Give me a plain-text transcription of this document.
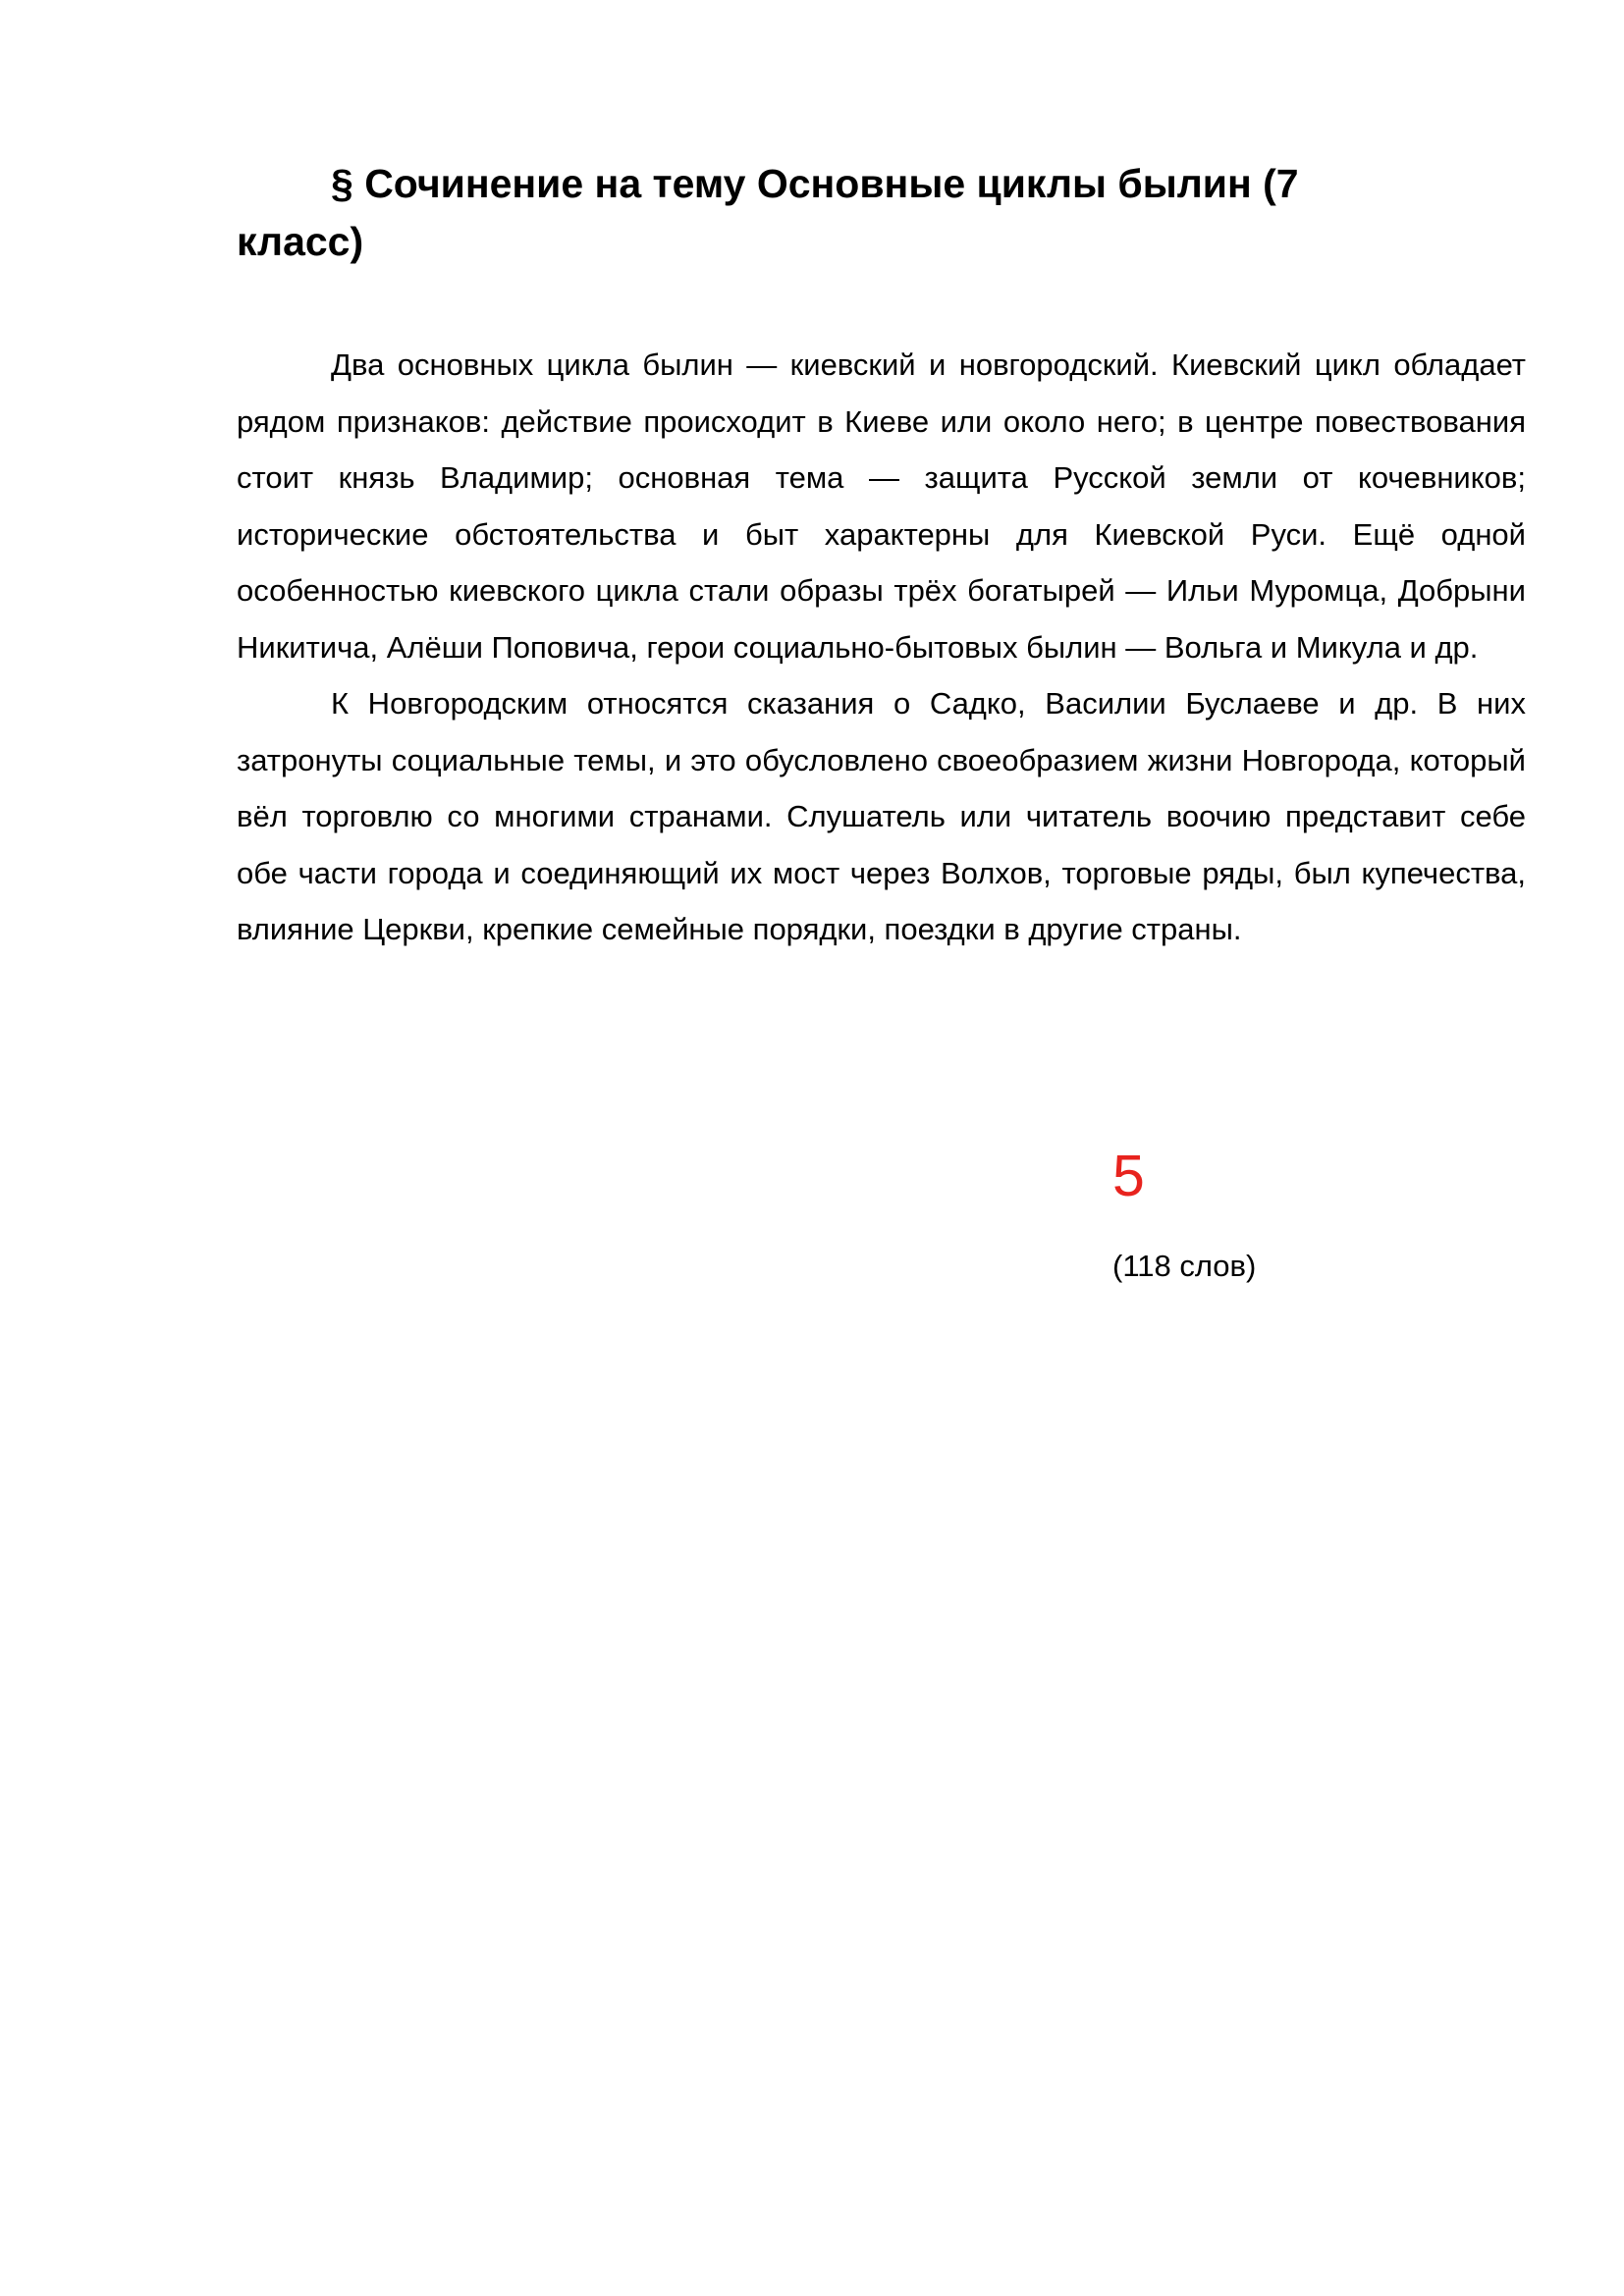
§ Сочинение на тему Основные циклы былин (7 класс)

Два основных цикла былин — киевский и новгородский. Киевский цикл обладает рядом признаков: действие происходит в Киеве или около него; в центре повествования стоит князь Владимир; основная тема — защита Русской земли от кочевников; исторические обстоятельства и быт характерны для Киевской Руси. Ещё одной особенностью киевского цикла стали образы трёх богатырей — Ильи Муромца, Добрыни Никитича, Алёши Поповича, герои социально-бытовых былин — Вольга и Микула и др.

К Новгородским относятся сказания о Садко, Василии Буслаеве и др. В них затронуты социальные темы, и это обусловлено своеобразием жизни Новгорода, который вёл торговлю со многими странами. Слушатель или читатель воочию представит себе обе части города и соединяющий их мост через Волхов, торговые ряды, был купечества, влияние Церкви, крепкие семейные порядки, поездки в другие страны.

5
(118 слов)
